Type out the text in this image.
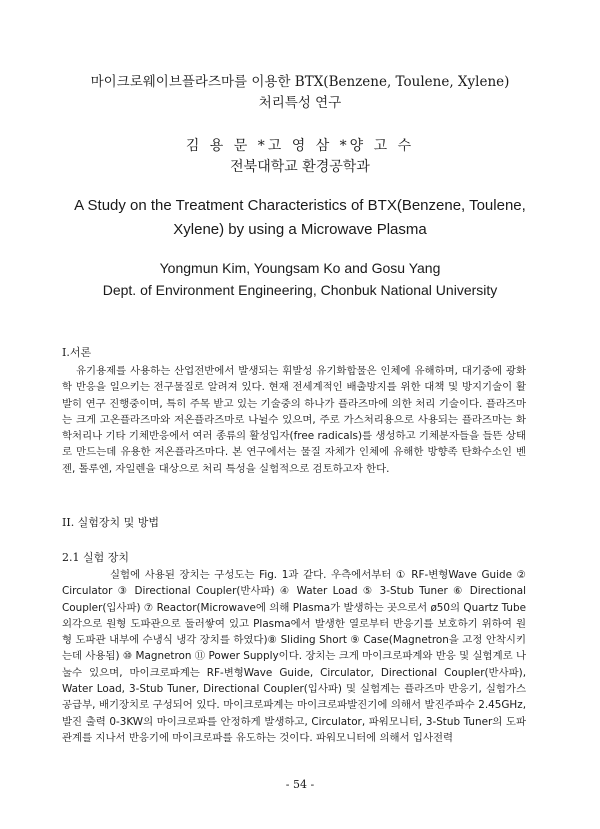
마이크로웨이브플라즈마를 이용한 BTX(Benzene, Toulene, Xylene)
처리특성 연구
김 용 문 *고 영 삼 *양 고 수
전북대학교 환경공학과
A Study on the Treatment Characteristics of BTX(Benzene, Toulene,
Xylene) by using a Microwave Plasma
Yongmun Kim, Youngsam Ko and Gosu Yang
Dept. of Environment Engineering, Chonbuk National University
I.서론

유기용제를 사용하는 산업전반에서 발생되는 휘발성 유기화합물은 인체에 유해하며, 대기중에 광화학 반응을 일으키는 전구물질로 알려져 있다. 현재 전세계적인 배출방지를 위한 대책 및 방지기술이 활발히 연구 진행중이며, 특히 주목 받고 있는 기술중의 하나가 플라즈마에 의한 처리 기술이다. 플라즈마는 크게 고온플라즈마와 저온플라즈마로 나뉠수 있으며, 주로 가스처리용으로 사용되는 플라즈마는 화학처리나 기타 기체반응에서 여러 종류의 활성입자(free radicals)를 생성하고 기체분자들을 들뜬 상태로 만드는데 유용한 저온플라즈마다. 본 연구에서는 물질 자체가 인체에 유해한 방향족 탄화수소인 벤젠, 톨루엔, 자일렌을 대상으로 처리 특성을 실험적으로 검토하고자 한다.

II. 실험장치 및 방법
2.1 실험 장치

실험에 사용된 장치는 구성도는 Fig. 1과 같다. 우측에서부터 ① RF-변형Wave Guide ② Circulator ③ Directional Coupler(반사파) ④ Water Load ⑤ 3-Stub Tuner ⑥ Directional Coupler(입사파) ⑦ Reactor(Microwave에 의해 Plasma가 발생하는 곳으로서 ø50의 Quartz Tube 외각으로 원형 도파관으로 둘러쌓여 있고 Plasma에서 발생한 열로부터 반응기를 보호하기 위하여 원형 도파관 내부에 수냉식 냉각 장치를 하였다)⑧ Sliding Short ⑨ Case(Magnetron을 고정 안착시키는데 사용됨) ⑩ Magnetron ⑪ Power Supply이다. 장치는 크게 마이크로파계와 반응 및 실험계로 나눌수 있으며, 마이크로파계는 RF-변형Wave Guide, Circulator, Directional Coupler(반사파), Water Load, 3-Stub Tuner, Directional Coupler(입사파) 및 실험계는 플라즈마 반응기, 실험가스 공급부, 배기장치로 구성되어 있다. 마이크로파계는 마이크로파발진기에 의해서 발진주파수 2.45GHz, 발진 출력 0-3KW의 마이크로파를 안정하게 발생하고, Circulator, 파워모니터, 3-Stub Tuner의 도파관계를 지나서 반응기에 마이크로파를 유도하는 것이다. 파워모니터에 의해서 입사전력

- 54 -
